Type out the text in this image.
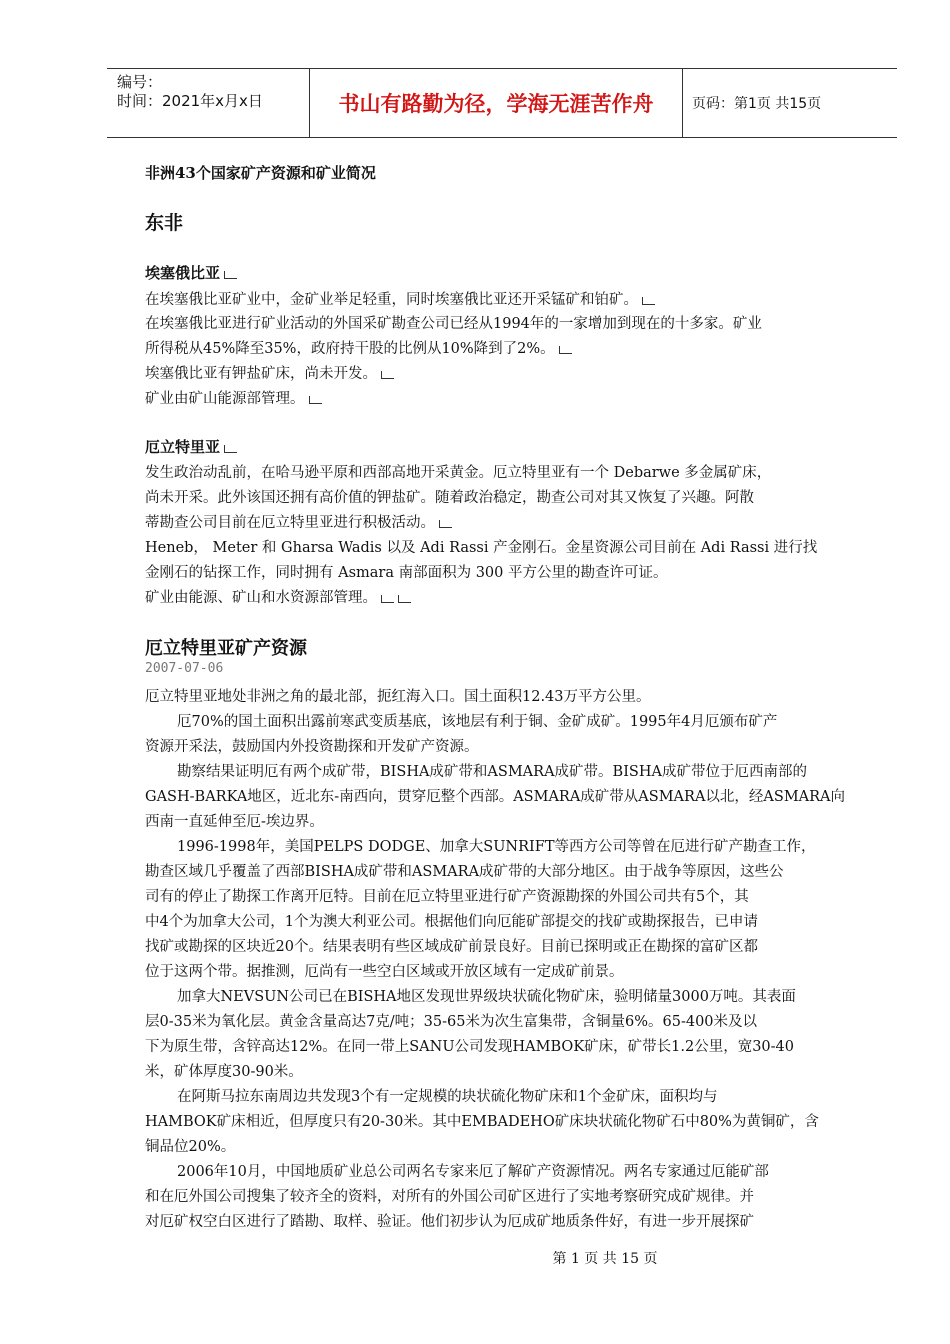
编号：
时间：2021年x月x日	书山有路勤为径，学海无涯苦作舟	页码：第1页 共15页
非洲43个国家矿产资源和矿业简况
东非
埃塞俄比亚
在埃塞俄比亚矿业中，金矿业举足轻重，同时埃塞俄比亚还开采锰矿和铂矿。
在埃塞俄比亚进行矿业活动的外国采矿勘查公司已经从1994年的一家增加到现在的十多家。矿业
所得税从45%降至35%，政府持干股的比例从10%降到了2%。
埃塞俄比亚有钾盐矿床，尚未开发。
矿业由矿山能源部管理。
厄立特里亚
发生政治动乱前，在哈马逊平原和西部高地开采黄金。厄立特里亚有一个 Debarwe 多金属矿床，
尚未开采。此外该国还拥有高价值的钾盐矿。随着政治稳定，勘查公司对其又恢复了兴趣。阿散
蒂勘查公司目前在厄立特里亚进行积极活动。
Heneb， Meter 和 Gharsa Wadis 以及 Adi Rassi 产金刚石。金星资源公司目前在 Adi Rassi 进行找
金刚石的钻探工作，同时拥有 Asmara 南部面积为 300 平方公里的勘查许可证。
矿业由能源、矿山和水资源部管理。
厄立特里亚矿产资源
2007-07-06
厄立特里亚地处非洲之角的最北部，扼红海入口。国土面积12.43万平方公里。
厄70%的国土面积出露前寒武变质基底，该地层有利于铜、金矿成矿。1995年4月厄颁布矿产
资源开采法，鼓励国内外投资勘探和开发矿产资源。
勘察结果证明厄有两个成矿带，BISHA成矿带和ASMARA成矿带。BISHA成矿带位于厄西南部的
GASH-BARKA地区，近北东-南西向，贯穿厄整个西部。ASMARA成矿带从ASMARA以北，经ASMARA向
西南一直延伸至厄-埃边界。
1996-1998年，美国PELPS DODGE、加拿大SUNRIFT等西方公司等曾在厄进行矿产勘查工作，
勘查区域几乎覆盖了西部BISHA成矿带和ASMARA成矿带的大部分地区。由于战争等原因，这些公
司有的停止了勘探工作离开厄特。目前在厄立特里亚进行矿产资源勘探的外国公司共有5个，其
中4个为加拿大公司，1个为澳大利亚公司。根据他们向厄能矿部提交的找矿或勘探报告，已申请
找矿或勘探的区块近20个。结果表明有些区域成矿前景良好。目前已探明或正在勘探的富矿区都
位于这两个带。据推测，厄尚有一些空白区域或开放区域有一定成矿前景。
加拿大NEVSUN公司已在BISHA地区发现世界级块状硫化物矿床，验明储量3000万吨。其表面
层0-35米为氧化层。黄金含量高达7克/吨；35-65米为次生富集带，含铜量6%。65-400米及以
下为原生带，含锌高达12%。在同一带上SANU公司发现HAMBOK矿床，矿带长1.2公里，宽30-40
米，矿体厚度30-90米。
在阿斯马拉东南周边共发现3个有一定规模的块状硫化物矿床和1个金矿床，面积均与
HAMBOK矿床相近，但厚度只有20-30米。其中EMBADEHO矿床块状硫化物矿石中80%为黄铜矿，含
铜品位20%。
2006年10月，中国地质矿业总公司两名专家来厄了解矿产资源情况。两名专家通过厄能矿部
和在厄外国公司搜集了较齐全的资料，对所有的外国公司矿区进行了实地考察研究成矿规律。并
对厄矿权空白区进行了踏勘、取样、验证。他们初步认为厄成矿地质条件好，有进一步开展探矿
第 1 页 共 15 页
